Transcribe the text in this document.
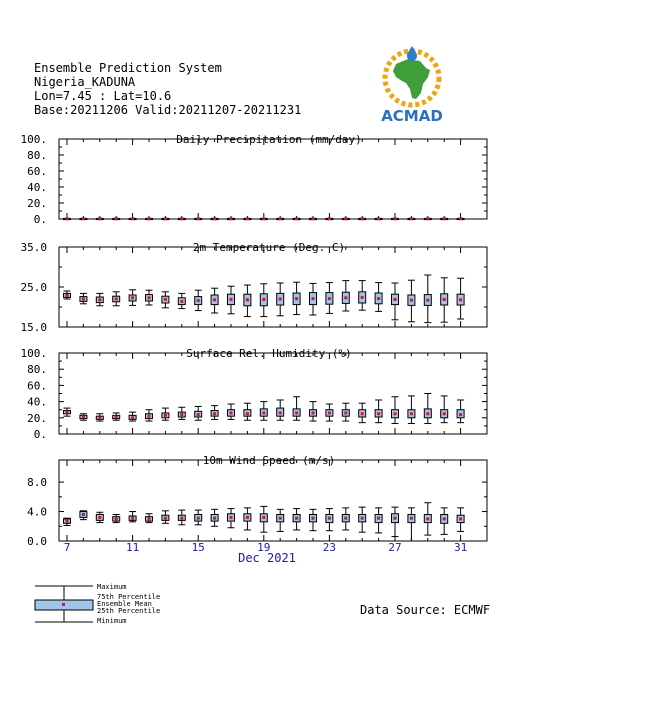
Ensemble Prediction System
Nigeria_KADUNA
Lon=7.45 : Lat=10.6
Base:20211206 Valid:20211207-20211231	ACMAD
Daily Precipitation (mm/day)
0.
20.
40.
60.
80.
100.
2m Temperature (Deg. C)
15.0
25.0
35.0
Surface Rel. Humidity (%)
0.
20.
40.
60.
80.
100.
10m Wind Speed (m/s)
0.0
4.0
8.0
7	11	15	19	23	27	31
Dec 2021
Maximum
75th Percentile
Ensemble Mean
25th Percentile
Minimum
Data Source: ECMWF
